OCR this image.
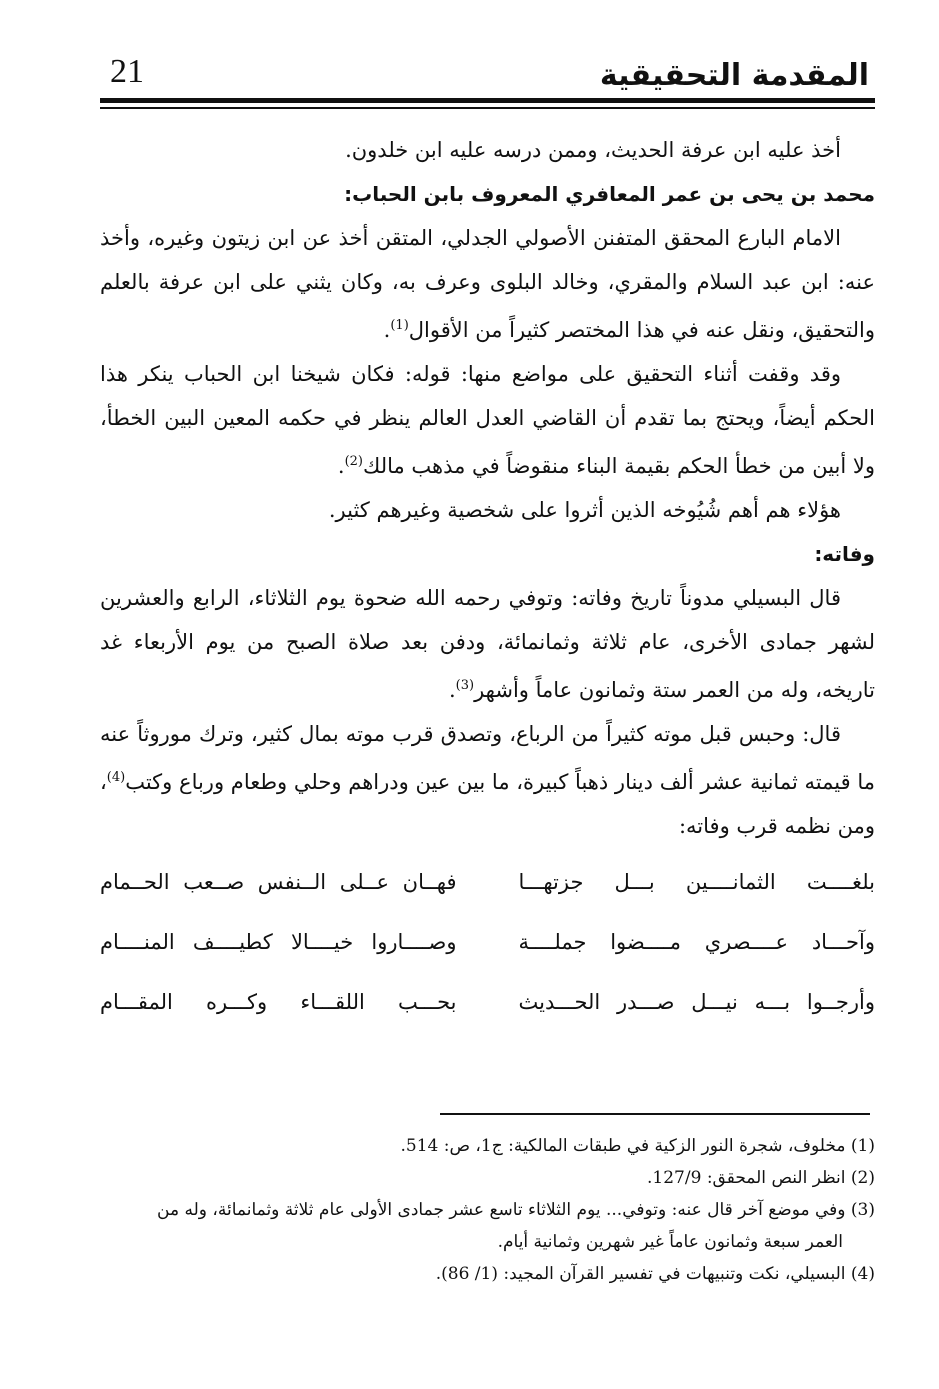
21	المقدمة التحقيقية

أخذ عليه ابن عرفة الحديث، وممن درسه عليه ابن خلدون.

محمد بن يحى بن عمر المعافري المعروف بابن الحباب:

الامام البارع المحقق المتفنن الأصولي الجدلي، المتقن أخذ عن ابن زيتون وغيره، وأخذ عنه: ابن عبد السلام والمقري، وخالد البلوى وعرف به، وكان يثني على ابن عرفة بالعلم والتحقيق، ونقل عنه في هذا المختصر كثيراً من الأقوال$^{(1)}$.

وقد وقفت أثناء التحقيق على مواضع منها: قوله: فكان شيخنا ابن الحباب ينكر هذا الحكم أيضاً، ويحتج بما تقدم أن القاضي العدل العالم ينظر في حكمه المعين البين الخطأ، ولا أبين من خطأ الحكم بقيمة البناء منقوضاً في مذهب مالك$^{(2)}$.

هؤلاء هم أهم شُيُوخه الذين أثروا على شخصية وغيرهم كثير.

وفاته:

قال البسيلي مدوناً تاريخ وفاته: وتوفي رحمه الله ضحوة يوم الثلاثاء، الرابع والعشرين لشهر جمادى الأخرى، عام ثلاثة وثمانمائة، ودفن بعد صلاة الصبح من يوم الأربعاء غد تاريخه، وله من العمر ستة وثمانون عاماً وأشهر$^{(3)}$.

قال: وحبس قبل موته كثيراً من الرباع، وتصدق قرب موته بمال كثير، وترك موروثاً عنه ما قيمته ثمانية عشر ألف دينار ذهباً كبيرة، ما بين عين ودراهم وحلي وطعام ورباع وكتب$^{(4)}$، ومن نظمه قرب وفاته:

بلغــــت الثمانــــين بـــل جزتهـــا
فهــان عــلى الــنفس صــعب الحــمام
وآحـــاد عــــصري مــــضوا جملــــة
وصــــاروا خيــــالا كطيــــف المنــــام
وأرجــوا بـــه نيـــل صـــدر الحـــديث
بحـــب اللقـــاء وكـــره المقـــام

(1) مخلوف، شجرة النور الزكية في طبقات المالكية: ج1، ص: 514.

(2) انظر النص المحقق: 127/9.

(3) وفي موضع آخر قال عنه: وتوفي... يوم الثلاثاء تاسع عشر جمادى الأولى عام ثلاثة وثمانمائة، وله من

العمر سبعة وثمانون عاماً غير شهرين وثمانية أيام.

(4) البسيلي، نكت وتنبيهات في تفسير القرآن المجيد: (1/ 86).
